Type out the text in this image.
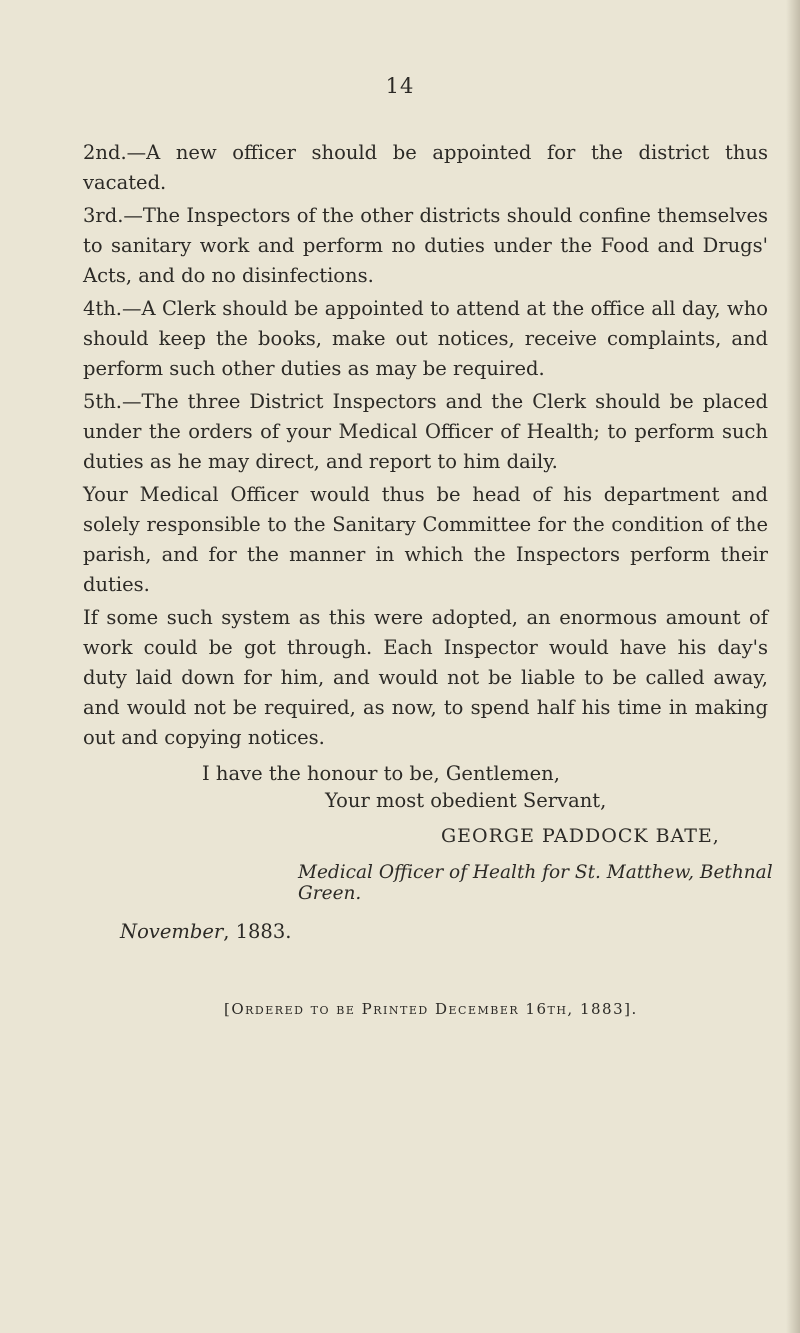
14

2nd.—A new officer should be appointed for the district thus vacated.

3rd.—The Inspectors of the other districts should confine themselves to sanitary work and perform no duties under the Food and Drugs' Acts, and do no disinfections.

4th.—A Clerk should be appointed to attend at the office all day, who should keep the books, make out notices, receive complaints, and perform such other duties as may be required.

5th.—The three District Inspectors and the Clerk should be placed under the orders of your Medical Officer of Health; to perform such duties as he may direct, and report to him daily.

Your Medical Officer would thus be head of his department and solely responsible to the Sanitary Committee for the condition of the parish, and for the manner in which the Inspectors perform their duties.

If some such system as this were adopted, an enormous amount of work could be got through. Each Inspector would have his day's duty laid down for him, and would not be liable to be called away, and would not be required, as now, to spend half his time in making out and copying notices.

I have the honour to be, Gentlemen,
Your most obedient Servant,
GEORGE PADDOCK BATE,
Medical Officer of Health for St. Matthew, Bethnal Green.
November, 1883.
[Ordered to be Printed December 16th, 1883].
